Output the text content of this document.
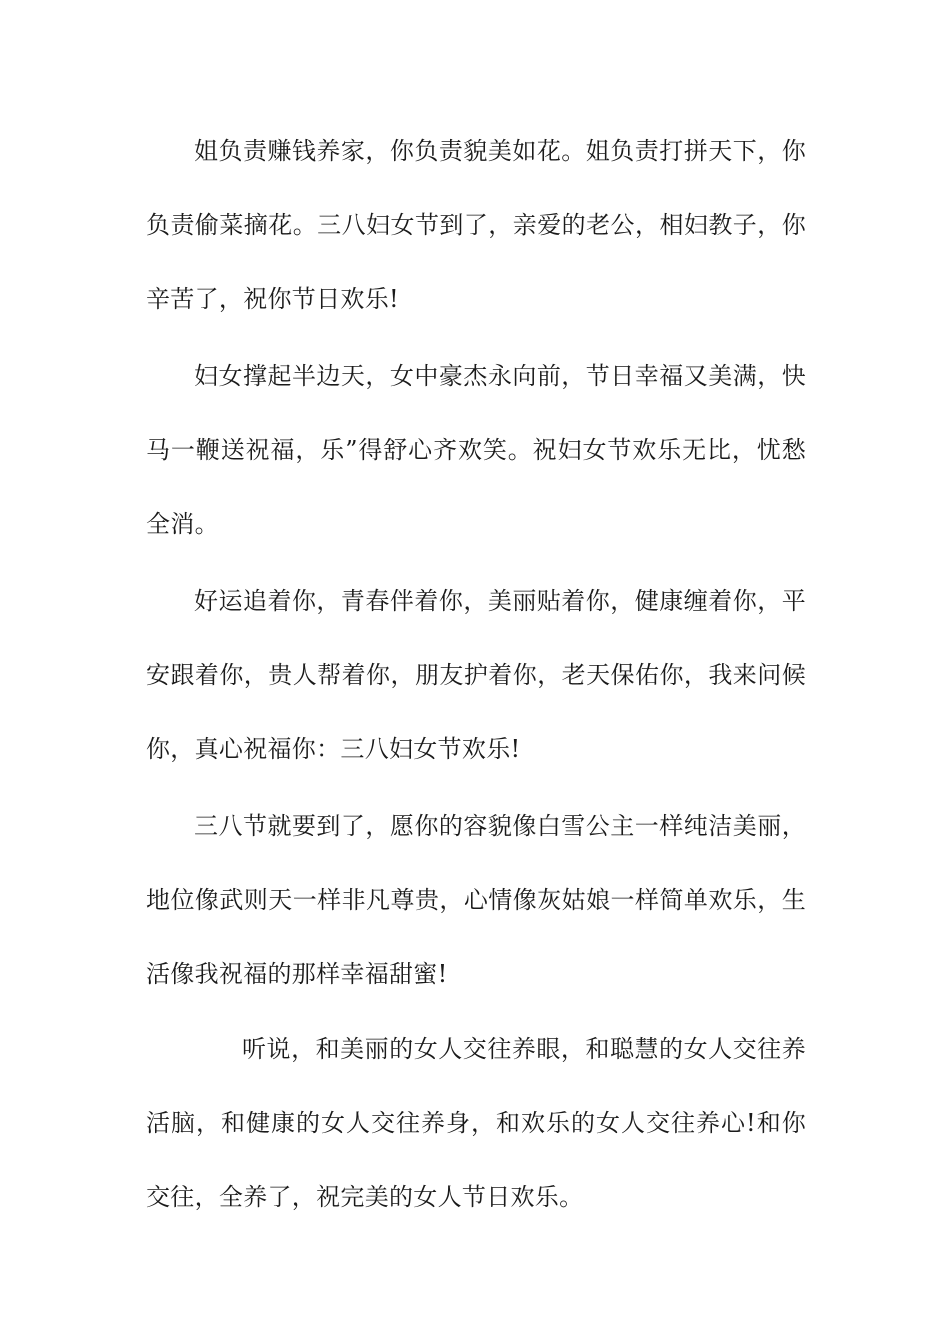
姐负责赚钱养家，你负责貌美如花。姐负责打拼天下，你负责偷菜摘花。三八妇女节到了，亲爱的老公，相妇教子，你辛苦了，祝你节日欢乐!

妇女撑起半边天，女中豪杰永向前，节日幸福又美满，快马一鞭送祝福，乐”得舒心齐欢笑。祝妇女节欢乐无比，忧愁全消。

好运追着你，青春伴着你，美丽贴着你，健康缠着你，平安跟着你，贵人帮着你，朋友护着你，老天保佑你，我来问候你，真心祝福你：三八妇女节欢乐!

三八节就要到了，愿你的容貌像白雪公主一样纯洁美丽，地位像武则天一样非凡尊贵，心情像灰姑娘一样简单欢乐，生活像我祝福的那样幸福甜蜜!

听说，和美丽的女人交往养眼，和聪慧的女人交往养活脑，和健康的女人交往养身，和欢乐的女人交往养心!和你交往，全养了，祝完美的女人节日欢乐。
